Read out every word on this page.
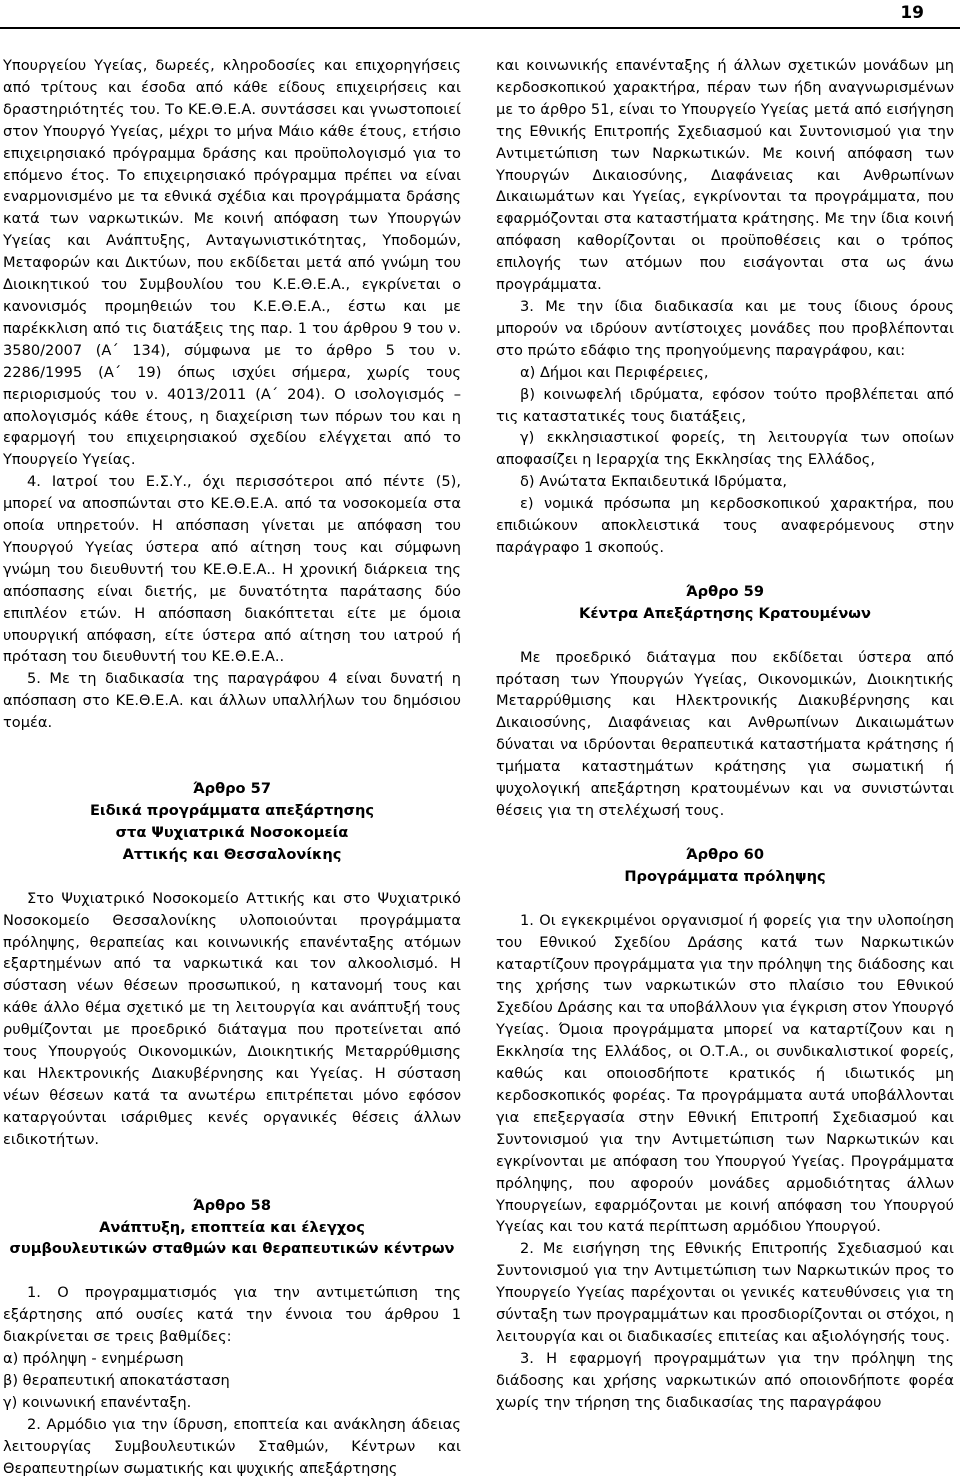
19

Υπουργείου Υγείας, δωρεές, κληροδοσίες και επιχορηγήσεις από τρίτους και έσοδα από κάθε είδους επιχειρήσεις και δραστηριότητές του. Το ΚΕ.Θ.Ε.Α. συντάσσει και γνωστοποιεί στον Υπουργό Υγείας, μέχρι το μήνα Μάιο κάθε έτους, ετήσιο επιχειρησιακό πρόγραμμα δράσης και προϋπολογισμό για το επόμενο έτος. Το επιχειρησιακό πρόγραμμα πρέπει να είναι εναρμονισμένο με τα εθνικά σχέδια και προγράμματα δράσης κατά των ναρκωτικών. Με κοινή απόφαση των Υπουργών Υγείας και Ανάπτυξης, Ανταγωνιστικότητας, Υποδομών, Μεταφορών και Δικτύων, που εκδίδεται μετά από γνώμη του Διοικητικού του Συμβουλίου του Κ.Ε.Θ.Ε.Α., εγκρίνεται ο κανονισμός προμηθειών του Κ.Ε.Θ.Ε.Α., έστω και με παρέκκλιση από τις διατάξεις της παρ. 1 του άρθρου 9 του ν. 3580/2007 (Α΄ 134), σύμφωνα με το άρθρο 5 του ν. 2286/1995 (Α΄ 19) όπως ισχύει σήμερα, χωρίς τους περιορισμούς του ν. 4013/2011 (Α΄ 204). Ο ισολογισμός – απολογισμός κάθε έτους, η διαχείριση των πόρων του και η εφαρμογή του επιχειρησιακού σχεδίου ελέγχεται από το Υπουργείο Υγείας.

4. Ιατροί του Ε.Σ.Υ., όχι περισσότεροι από πέντε (5), μπορεί να αποσπώνται στο ΚΕ.Θ.Ε.Α. από τα νοσοκομεία στα οποία υπηρετούν. Η απόσπαση γίνεται με απόφαση του Υπουργού Υγείας ύστερα από αίτηση τους και σύμφωνη γνώμη του διευθυντή του ΚΕ.Θ.Ε.Α.. Η χρονική διάρκεια της απόσπασης είναι διετής, με δυνατότητα παράτασης δύο επιπλέον ετών. Η απόσπαση διακόπτεται είτε με όμοια υπουργική απόφαση, είτε ύστερα από αίτηση του ιατρού ή πρόταση του διευθυντή του ΚΕ.Θ.Ε.Α..

5. Με τη διαδικασία της παραγράφου 4 είναι δυνατή η απόσπαση στο ΚΕ.Θ.Ε.Α. και άλλων υπαλλήλων του δημόσιου τομέα.

Άρθρο 57
Ειδικά προγράμματα απεξάρτησης
στα Ψυχιατρικά Νοσοκομεία
Αττικής και Θεσσαλονίκης

Στο Ψυχιατρικό Νοσοκομείο Αττικής και στο Ψυχιατρικό Νοσοκομείο Θεσσαλονίκης υλοποιούνται προγράμματα πρόληψης, θεραπείας και κοινωνικής επανένταξης ατόμων εξαρτημένων από τα ναρκωτικά και τον αλκοολισμό. Η σύσταση νέων θέσεων προσωπικού, η κατανομή τους και κάθε άλλο θέμα σχετικό με τη λειτουργία και ανάπτυξή τους ρυθμίζονται με προεδρικό διάταγμα που προτείνεται από τους Υπουργούς Οικονομικών, Διοικητικής Μεταρρύθμισης και Ηλεκτρονικής Διακυβέρνησης και Υγείας. Η σύσταση νέων θέσεων κατά τα ανωτέρω επιτρέπεται μόνο εφόσον καταργούνται ισάριθμες κενές οργανικές θέσεις άλλων ειδικοτήτων.

Άρθρο 58
Ανάπτυξη, εποπτεία και έλεγχος
συμβουλευτικών σταθμών και θεραπευτικών κέντρων

1. Ο προγραμματισμός για την αντιμετώπιση της εξάρτησης από ουσίες κατά την έννοια του άρθρου 1 διακρίνεται σε τρεις βαθμίδες:

α) πρόληψη - ενημέρωση

β) θεραπευτική αποκατάσταση

γ) κοινωνική επανένταξη.

2. Αρμόδιο για την ίδρυση, εποπτεία και ανάκληση άδειας λειτουργίας Συμβουλευτικών Σταθμών, Κέντρων και Θεραπευτηρίων σωματικής και ψυχικής απεξάρτησης

και κοινωνικής επανένταξης ή άλλων σχετικών μονάδων μη κερδοσκοπικού χαρακτήρα, πέραν των ήδη αναγνωρισμένων με το άρθρο 51, είναι το Υπουργείο Υγείας μετά από εισήγηση της Εθνικής Επιτροπής Σχεδιασμού και Συντονισμού για την Αντιμετώπιση των Ναρκωτικών. Με κοινή απόφαση των Υπουργών Δικαιοσύνης, Διαφάνειας και Ανθρωπίνων Δικαιωμάτων και Υγείας, εγκρίνονται τα προγράμματα, που εφαρμόζονται στα καταστήματα κράτησης. Με την ίδια κοινή απόφαση καθορίζονται οι προϋποθέσεις και ο τρόπος επιλογής των ατόμων που εισάγονται στα ως άνω προγράμματα.

3. Με την ίδια διαδικασία και με τους ίδιους όρους μπορούν να ιδρύουν αντίστοιχες μονάδες που προβλέπονται στο πρώτο εδάφιο της προηγούμενης παραγράφου, και:

α) Δήμοι και Περιφέρειες,

β) κοινωφελή ιδρύματα, εφόσον τούτο προβλέπεται από τις καταστατικές τους διατάξεις,

γ) εκκλησιαστικοί φορείς, τη λειτουργία των οποίων αποφασίζει η Ιεραρχία της Εκκλησίας της Ελλάδος,

δ) Ανώτατα Εκπαιδευτικά Ιδρύματα,

ε) νομικά πρόσωπα μη κερδοσκοπικού χαρακτήρα, που επιδιώκουν αποκλειστικά τους αναφερόμενους στην παράγραφο 1 σκοπούς.

Άρθρο 59
Κέντρα Απεξάρτησης Κρατουμένων

Με προεδρικό διάταγμα που εκδίδεται ύστερα από πρόταση των Υπουργών Υγείας, Οικονομικών, Διοικητικής Μεταρρύθμισης και Ηλεκτρονικής Διακυβέρνησης και Δικαιοσύνης, Διαφάνειας και Ανθρωπίνων Δικαιωμάτων δύναται να ιδρύονται θεραπευτικά καταστήματα κράτησης ή τμήματα καταστημάτων κράτησης για σωματική ή ψυχολογική απεξάρτηση κρατουμένων και να συνιστώνται θέσεις για τη στελέχωσή τους.

Άρθρο 60
Προγράμματα πρόληψης

1. Οι εγκεκριμένοι οργανισμοί ή φορείς για την υλοποίηση του Εθνικού Σχεδίου Δράσης κατά των Ναρκωτικών καταρτίζουν προγράμματα για την πρόληψη της διάδοσης και της χρήσης των ναρκωτικών στο πλαίσιο του Εθνικού Σχεδίου Δράσης και τα υποβάλλουν για έγκριση στον Υπουργό Υγείας. Όμοια προγράμματα μπορεί να καταρτίζουν και η Εκκλησία της Ελλάδος, οι Ο.Τ.Α., οι συνδικαλιστικοί φορείς, καθώς και οποιοσδήποτε κρατικός ή ιδιωτικός μη κερδοσκοπικός φορέας. Τα προγράμματα αυτά υποβάλλονται για επεξεργασία στην Εθνική Επιτροπή Σχεδιασμού και Συντονισμού για την Αντιμετώπιση των Ναρκωτικών και εγκρίνονται με απόφαση του Υπουργού Υγείας. Προγράμματα πρόληψης, που αφορούν μονάδες αρμοδιότητας άλλων Υπουργείων, εφαρμόζονται με κοινή απόφαση του Υπουργού Υγείας και του κατά περίπτωση αρμόδιου Υπουργού.

2. Με εισήγηση της Εθνικής Επιτροπής Σχεδιασμού και Συντονισμού για την Αντιμετώπιση των Ναρκωτικών προς το Υπουργείο Υγείας παρέχονται οι γενικές κατευθύνσεις για τη σύνταξη των προγραμμάτων και προσδιορίζονται οι στόχοι, η λειτουργία και οι διαδικασίες επιτείας και αξιολόγησής τους.

3. Η εφαρμογή προγραμμάτων για την πρόληψη της διάδοσης και χρήσης ναρκωτικών από οποιονδήποτε φορέα χωρίς την τήρηση της διαδικασίας της παραγράφου
